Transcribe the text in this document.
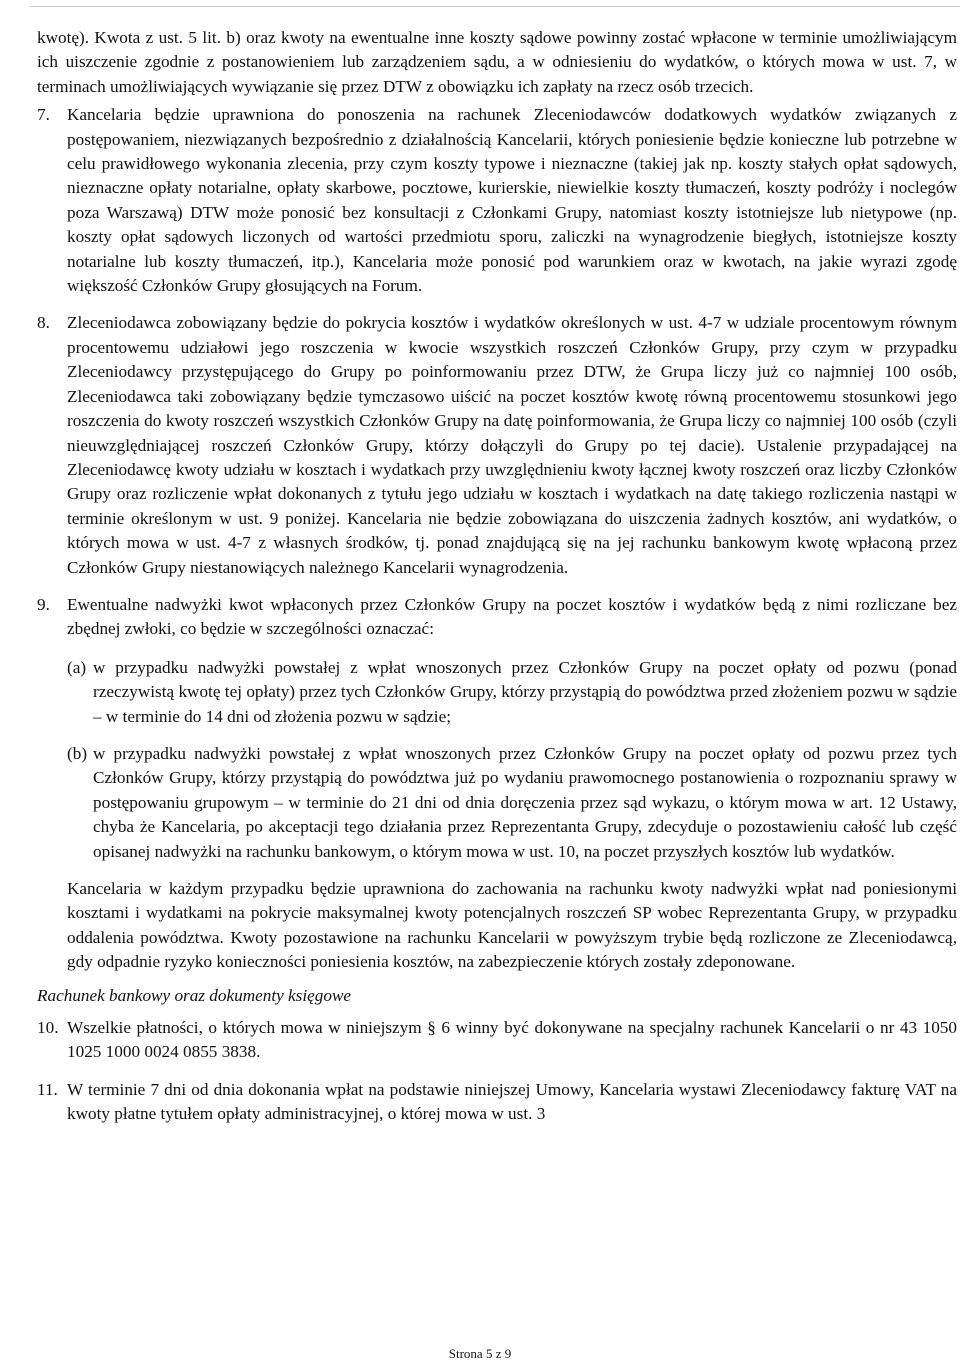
kwotę). Kwota z ust. 5 lit. b) oraz kwoty na ewentualne inne koszty sądowe powinny zostać wpłacone w terminie umożliwiającym ich uiszczenie zgodnie z postanowieniem lub zarządzeniem sądu, a w odniesieniu do wydatków, o których mowa w ust. 7, w terminach umożliwiających wywiązanie się przez DTW z obowiązku ich zapłaty na rzecz osób trzecich.
7. Kancelaria będzie uprawniona do ponoszenia na rachunek Zleceniodawców dodatkowych wydatków związanych z postępowaniem, niezwiązanych bezpośrednio z działalnością Kancelarii, których poniesienie będzie konieczne lub potrzebne w celu prawidłowego wykonania zlecenia, przy czym koszty typowe i nieznaczne (takiej jak np. koszty stałych opłat sądowych, nieznaczne opłaty notarialne, opłaty skarbowe, pocztowe, kurierskie, niewielkie koszty tłumaczeń, koszty podróży i noclegów poza Warszawą) DTW może ponosić bez konsultacji z Członkami Grupy, natomiast koszty istotniejsze lub nietypowe (np. koszty opłat sądowych liczonych od wartości przedmiotu sporu, zaliczki na wynagrodzenie biegłych, istotniejsze koszty notarialne lub koszty tłumaczeń, itp.), Kancelaria może ponosić pod warunkiem oraz w kwotach, na jakie wyrazi zgodę większość Członków Grupy głosujących na Forum.
8. Zleceniodawca zobowiązany będzie do pokrycia kosztów i wydatków określonych w ust. 4-7 w udziale procentowym równym procentowemu udziałowi jego roszczenia w kwocie wszystkich roszczeń Członków Grupy, przy czym w przypadku Zleceniodawcy przystępującego do Grupy po poinformowaniu przez DTW, że Grupa liczy już co najmniej 100 osób, Zleceniodawca taki zobowiązany będzie tymczasowo uiścić na poczet kosztów kwotę równą procentowemu stosunkowi jego roszczenia do kwoty roszczeń wszystkich Członków Grupy na datę poinformowania, że Grupa liczy co najmniej 100 osób (czyli nieuwzględniającej roszczeń Członków Grupy, którzy dołączyli do Grupy po tej dacie). Ustalenie przypadającej na Zleceniodawcę kwoty udziału w kosztach i wydatkach przy uwzględnieniu kwoty łącznej kwoty roszczeń oraz liczby Członków Grupy oraz rozliczenie wpłat dokonanych z tytułu jego udziału w kosztach i wydatkach na datę takiego rozliczenia nastąpi w terminie określonym w ust. 9 poniżej. Kancelaria nie będzie zobowiązana do uiszczenia żadnych kosztów, ani wydatków, o których mowa w ust. 4-7 z własnych środków, tj. ponad znajdującą się na jej rachunku bankowym kwotę wpłaconą przez Członków Grupy niestanowiących należnego Kancelarii wynagrodzenia.
9. Ewentualne nadwyżki kwot wpłaconych przez Członków Grupy na poczet kosztów i wydatków będą z nimi rozliczane bez zbędnej zwłoki, co będzie w szczególności oznaczać:
(a) w przypadku nadwyżki powstałej z wpłat wnoszonych przez Członków Grupy na poczet opłaty od pozwu (ponad rzeczywistą kwotę tej opłaty) przez tych Członków Grupy, którzy przystąpią do powództwa przed złożeniem pozwu w sądzie – w terminie do 14 dni od złożenia pozwu w sądzie;
(b) w przypadku nadwyżki powstałej z wpłat wnoszonych przez Członków Grupy na poczet opłaty od pozwu przez tych Członków Grupy, którzy przystąpią do powództwa już po wydaniu prawomocnego postanowienia o rozpoznaniu sprawy w postępowaniu grupowym – w terminie do 21 dni od dnia doręczenia przez sąd wykazu, o którym mowa w art. 12 Ustawy, chyba że Kancelaria, po akceptacji tego działania przez Reprezentanta Grupy, zdecyduje o pozostawieniu całość lub część opisanej nadwyżki na rachunku bankowym, o którym mowa w ust. 10, na poczet przyszłych kosztów lub wydatków.
Kancelaria w każdym przypadku będzie uprawniona do zachowania na rachunku kwoty nadwyżki wpłat nad poniesionymi kosztami i wydatkami na pokrycie maksymalnej kwoty potencjalnych roszczeń SP wobec Reprezentanta Grupy, w przypadku oddalenia powództwa. Kwoty pozostawione na rachunku Kancelarii w powyższym trybie będą rozliczone ze Zleceniodawcą, gdy odpadnie ryzyko konieczności poniesienia kosztów, na zabezpieczenie których zostały zdeponowane.
Rachunek bankowy oraz dokumenty księgowe
10. Wszelkie płatności, o których mowa w niniejszym § 6 winny być dokonywane na specjalny rachunek Kancelarii o nr 43 1050 1025 1000 0024 0855 3838.
11. W terminie 7 dni od dnia dokonania wpłat na podstawie niniejszej Umowy, Kancelaria wystawi Zleceniodawcy fakturę VAT na kwoty płatne tytułem opłaty administracyjnej, o której mowa w ust. 3
Strona 5 z 9
